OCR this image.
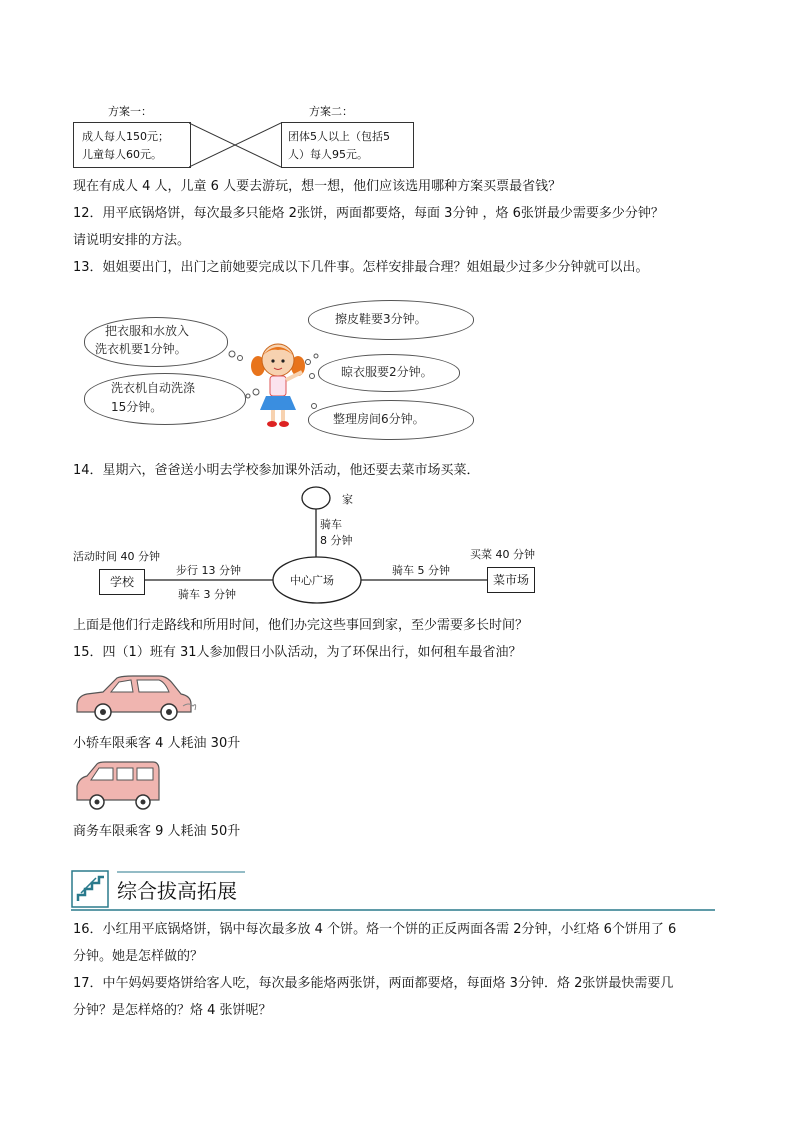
方案一：	方案二：
成人每人150元；
儿童每人60元。
团体5人以上（包括5
人）每人95元。
现在有成人 4 人，儿童 6 人要去游玩，想一想，他们应该选用哪种方案买票最省钱？
12．用平底锅烙饼，每次最多只能烙 2张饼，两面都要烙，每面 3分钟 ，烙 6张饼最少需要多少分钟？
请说明安排的方法。
13．姐姐要出门，出门之前她要完成以下几件事。怎样安排最合理？姐姐最少过多少分钟就可以出。
把衣服和水放入
洗衣机要1分钟。
洗衣机自动洗涤
15分钟。
擦皮鞋要3分钟。
晾衣服要2分钟。
整理房间6分钟。
14．星期六，爸爸送小明去学校参加课外活动，他还要去菜市场买菜．
家
骑车
8 分钟
活动时间 40 分钟
学校
步行 13 分钟
骑车 3 分钟
中心广场
骑车 5 分钟
买菜 40 分钟
菜市场
上面是他们行走路线和所用时间，他们办完这些事回到家，至少需要多长时间？
15．四（1）班有 31人参加假日小队活动，为了环保出行，如何租车最省油？
小轿车限乘客 4 人耗油 30升
商务车限乘客 9 人耗油 50升
综合拔高拓展
16．小红用平底锅烙饼，锅中每次最多放 4 个饼。烙一个饼的正反两面各需 2分钟，小红烙 6个饼用了 6
分钟。她是怎样做的？
17．中午妈妈要烙饼给客人吃，每次最多能烙两张饼，两面都要烙，每面烙 3分钟．烙 2张饼最快需要几
分钟？是怎样烙的？烙 4 张饼呢？
